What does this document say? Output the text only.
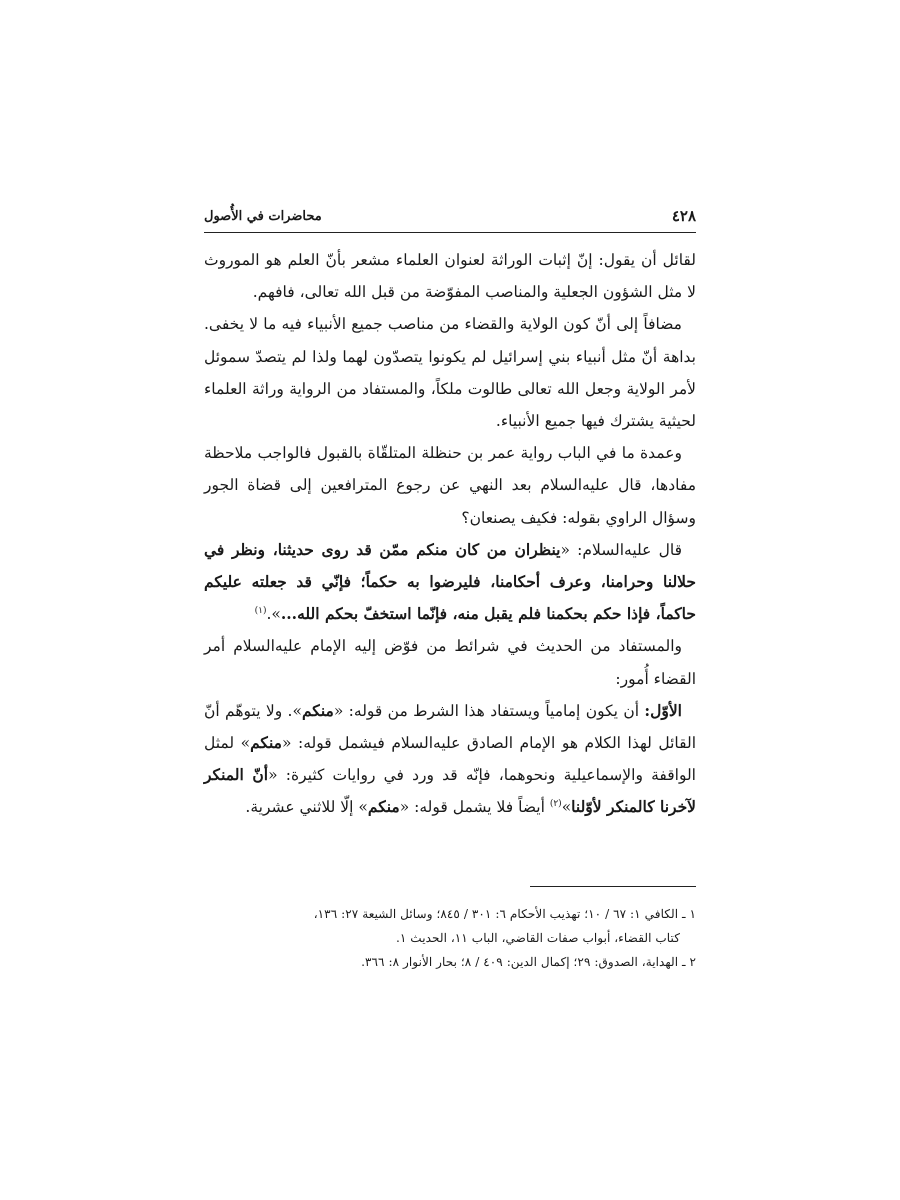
٤٢٨
محاضرات في الأُصول

لقائل أن يقول: إنّ إثبات الوراثة لعنوان العلماء مشعر بأنّ العلم هو الموروث لا مثل الشؤون الجعلية والمناصب المفوّضة من قبل الله تعالى، فافهم.

مضافاً إلى أنّ كون الولاية والقضاء من مناصب جميع الأنبياء فيه ما لا يخفى. بداهة أنّ مثل أنبياء بني إسرائيل لم يكونوا يتصدّون لهما ولذا لم يتصدّ سموئل لأمر الولاية وجعل الله تعالى طالوت ملكاً، والمستفاد من الرواية وراثة العلماء لحيثية يشترك فيها جميع الأنبياء.

وعمدة ما في الباب رواية عمر بن حنظلة المتلقّاة بالقبول فالواجب ملاحظة مفادها، قال عليه‌السلام بعد النهي عن رجوع المترافعين إلى قضاة الجور وسؤال الراوي بقوله: فكيف يصنعان؟

قال عليه‌السلام: «ينظران من كان منكم ممّن قد روى حديثنا، ونظر في حلالنا وحرامنا، وعرف أحكامنا، فليرضوا به حكماً؛ فإنّي قد جعلته عليكم حاكماً، فإذا حكم بحكمنا فلم يقبل منه، فإنّما استخفّ بحكم الله...».$^{(١)}$

والمستفاد من الحديث في شرائط من فوّض إليه الإمام عليه‌السلام أمر القضاء أُمور:

الأوّل: أن يكون إمامياً ويستفاد هذا الشرط من قوله: «منكم». ولا يتوهّم أنّ القائل لهذا الكلام هو الإمام الصادق عليه‌السلام فيشمل قوله: «منكم» لمثل الواقفة والإسماعيلية ونحوهما، فإنّه قد ورد في روايات كثيرة: «أنّ المنكر لآخرنا كالمنكر لأوّلنا»$^{(٢)}$ أيضاً فلا يشمل قوله: «منكم» إلّا للاثني عشرية.

١ ـ الكافي ١: ٦٧ / ١٠؛ تهذيب الأحكام ٦: ٣٠١ / ٨٤٥؛ وسائل الشيعة ٢٧: ١٣٦،

كتاب القضاء، أبواب صفات القاضي، الباب ١١، الحديث ١.

٢ ـ الهداية، الصدوق: ٢٩؛ إكمال الدين: ٤٠٩ / ٨؛ بحار الأنوار ٨: ٣٦٦.
